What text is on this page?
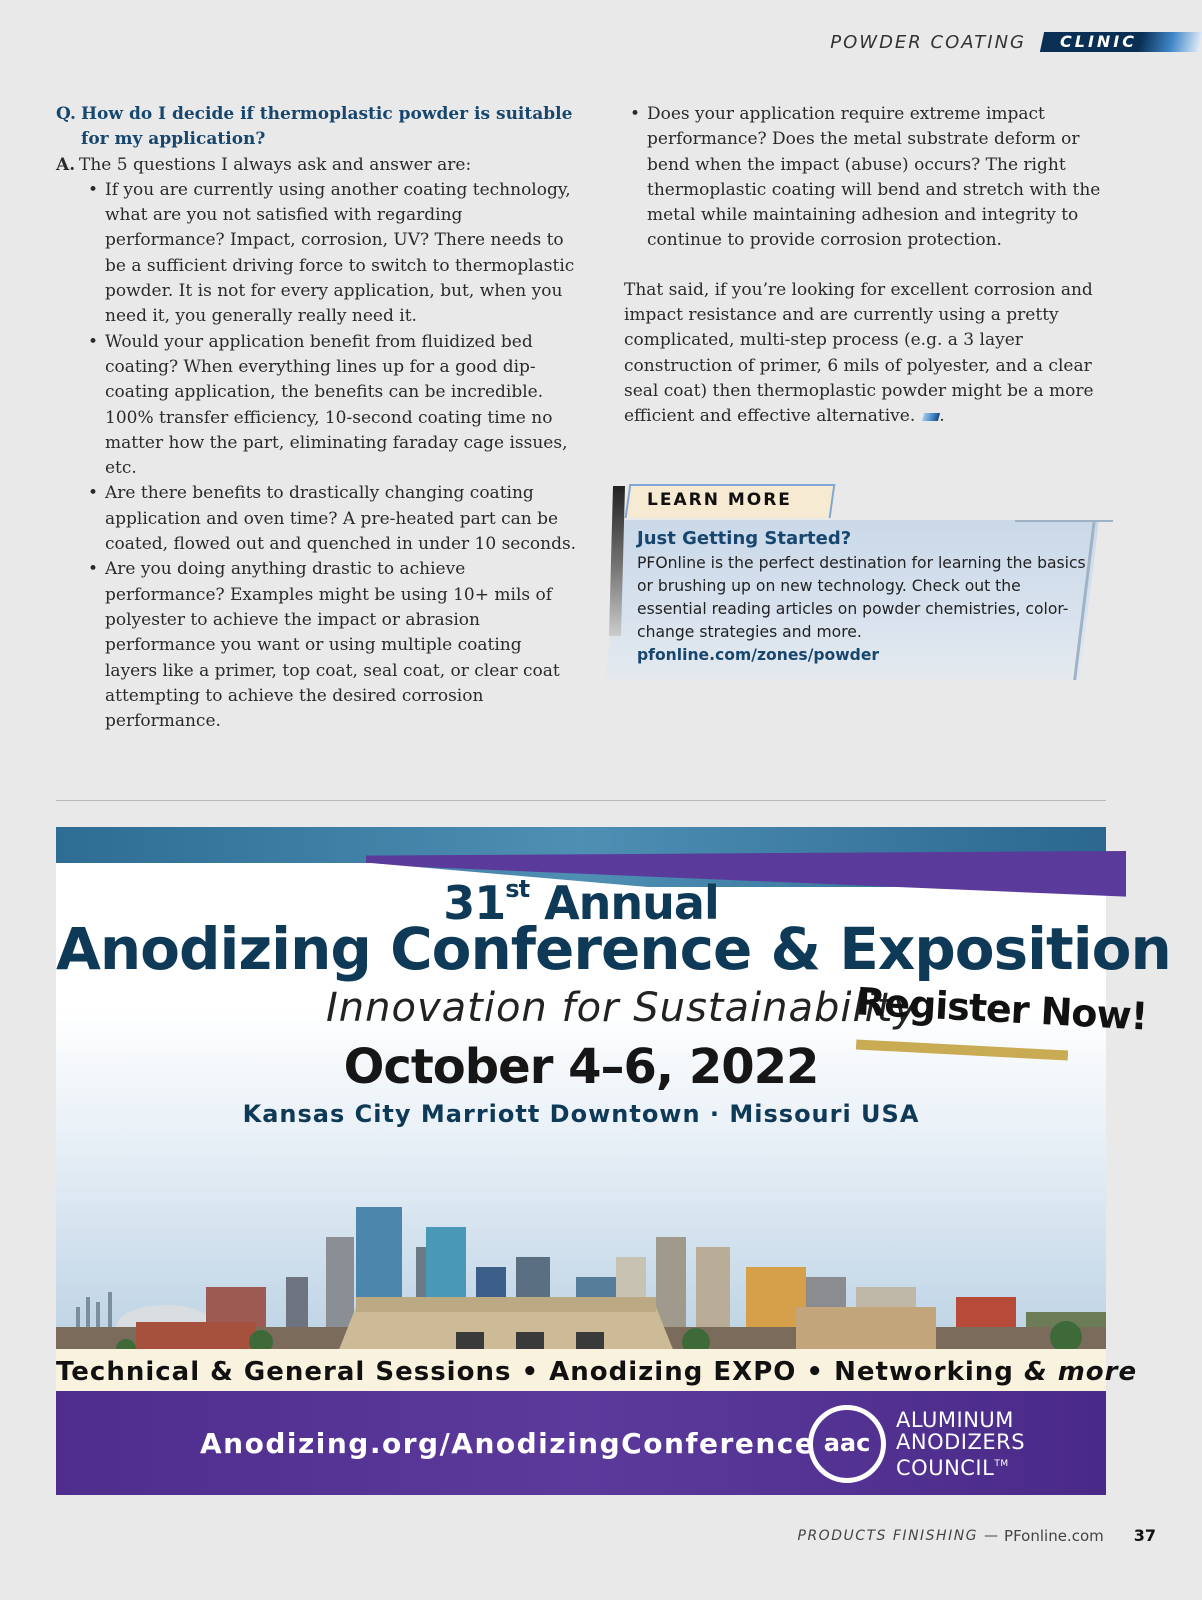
POWDER COATING	CLINIC
Q. How do I decide if thermoplastic powder is suitable for my application?
A. The 5 questions I always ask and answer are:
• If you are currently using another coating technology, what are you not satisfied with regarding performance? Impact, corrosion, UV? There needs to be a sufficient driving force to switch to thermoplastic powder. It is not for every application, but, when you need it, you generally really need it.
• Would your application benefit from fluidized bed coating? When everything lines up for a good dip-coating application, the benefits can be incredible. 100% transfer efficiency, 10-second coating time no matter how the part, eliminating faraday cage issues, etc.
• Are there benefits to drastically changing coating application and oven time? A pre-heated part can be coated, flowed out and quenched in under 10 seconds.
• Are you doing anything drastic to achieve performance? Examples might be using 10+ mils of polyester to achieve the impact or abrasion performance you want or using multiple coating layers like a primer, top coat, seal coat, or clear coat attempting to achieve the desired corrosion performance.
• Does your application require extreme impact performance? Does the metal substrate deform or bend when the impact (abuse) occurs? The right thermoplastic coating will bend and stretch with the metal while maintaining adhesion and integrity to continue to provide corrosion protection.

That said, if you’re looking for excellent corrosion and impact resistance and are currently using a pretty complicated, multi-step process (e.g. a 3 layer construction of primer, 6 mils of polyester, and a clear seal coat) then thermoplastic powder might be a more efficient and effective alternative. .

LEARN MORE
Just Getting Started?
PFOnline is the perfect destination for learning the basics or brushing up on new technology. Check out the essential reading articles on powder chemistries, color-change strategies and more.
pfonline.com/zones/powder
31st Annual
Anodizing Conference & Exposition
Innovation for Sustainability
Register Now!
October 4–6, 2022
Kansas City Marriott Downtown · Missouri USA
Technical & General Sessions • Anodizing EXPO • Networking & more
Anodizing.org/AnodizingConference aac
ALUMINUM
ANODIZERS
COUNCIL™
PRODUCTS FINISHING — PFonline.com 37
